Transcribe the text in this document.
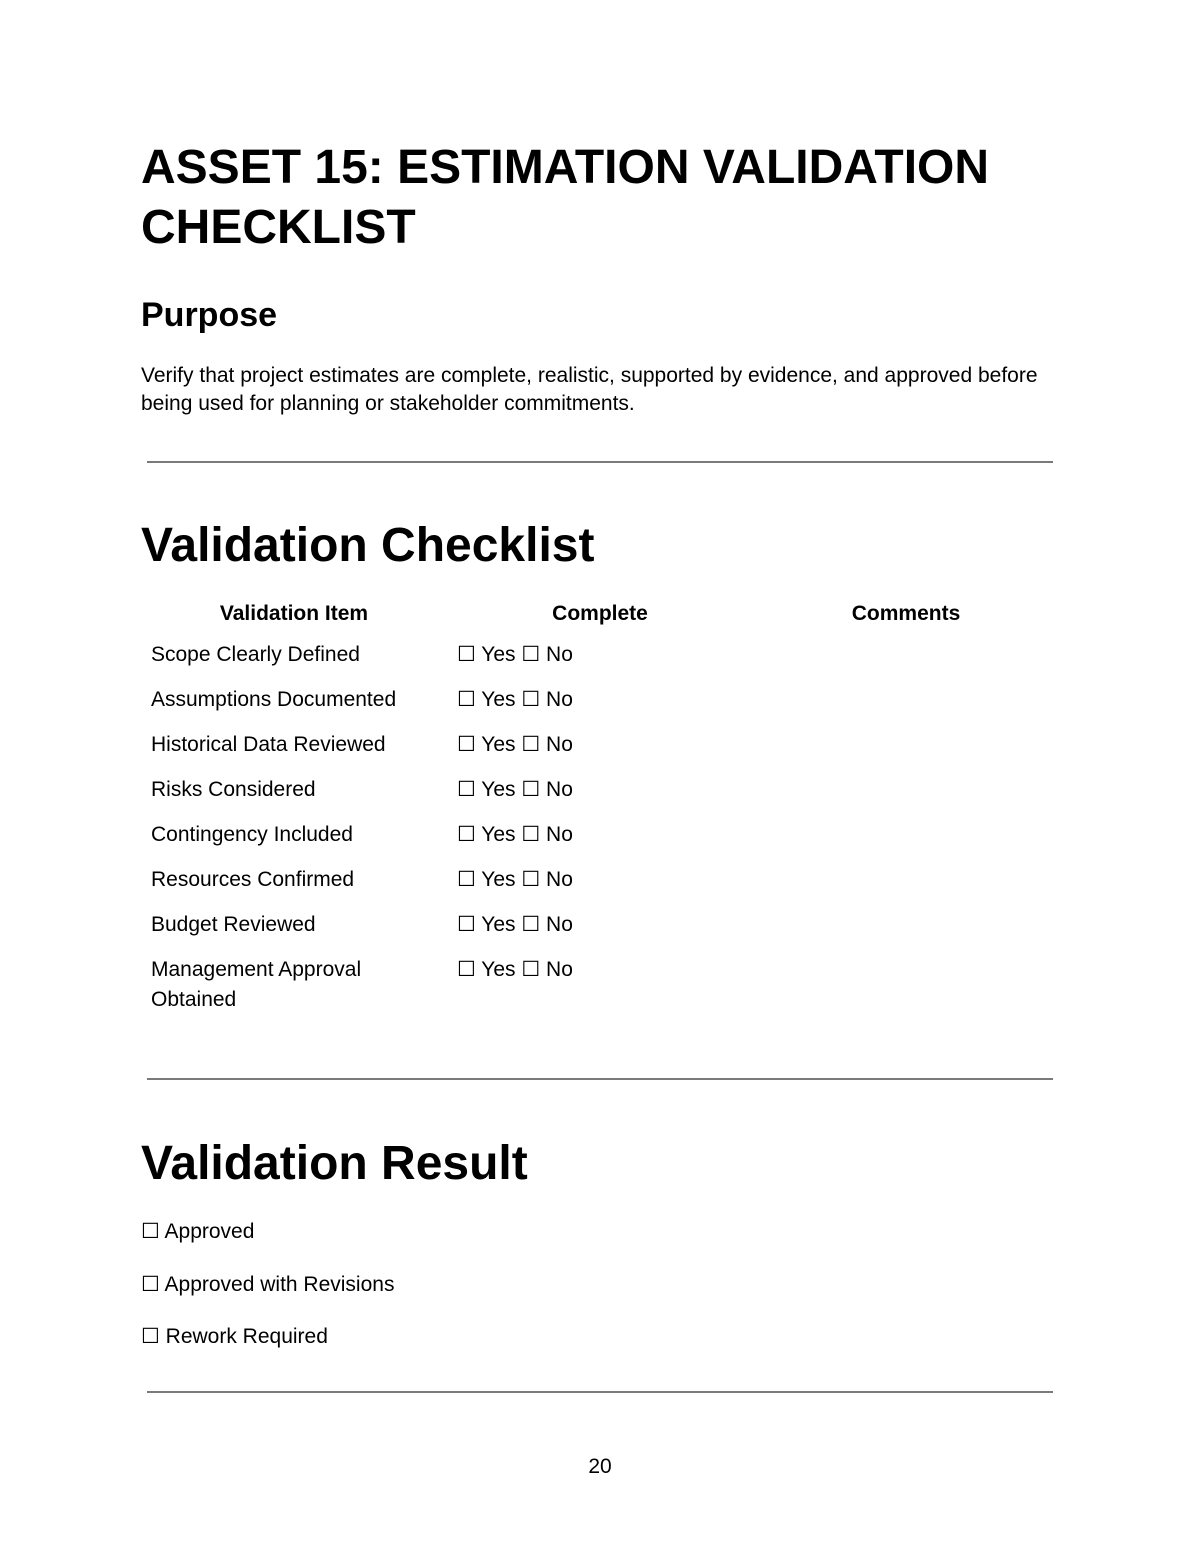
ASSET 15: ESTIMATION VALIDATION CHECKLIST
Purpose

Verify that project estimates are complete, realistic, supported by evidence, and approved before being used for planning or stakeholder commitments.

Validation Checklist
Validation Item	Complete	Comments
Scope Clearly Defined	☐ Yes ☐ No	
Assumptions Documented	☐ Yes ☐ No	
Historical Data Reviewed	☐ Yes ☐ No	
Risks Considered	☐ Yes ☐ No	
Contingency Included	☐ Yes ☐ No	
Resources Confirmed	☐ Yes ☐ No	
Budget Reviewed	☐ Yes ☐ No	
Management Approval Obtained	☐ Yes ☐ No	
Validation Result

☐ Approved

☐ Approved with Revisions

☐ Rework Required

20
